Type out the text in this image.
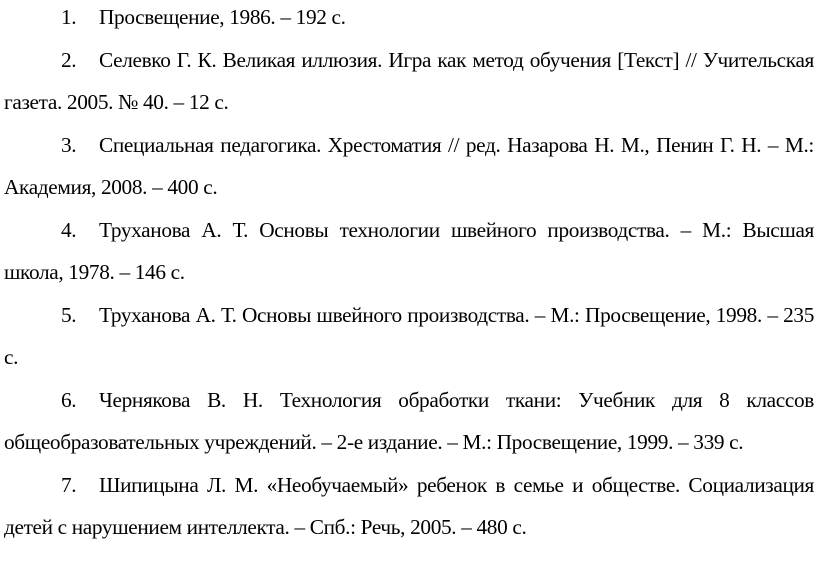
1. Просвещение, 1986. – 192 с.
2. Селевко Г. К. Великая иллюзия. Игра как метод обучения [Текст] // Учительская газета. 2005. № 40. – 12 с.
3. Специальная педагогика. Хрестоматия // ред. Назарова Н. М., Пенин Г. Н. – М.: Академия, 2008. – 400 с.
4. Труханова А. Т. Основы технологии швейного производства. – М.: Высшая школа, 1978. – 146 с.
5. Труханова А. Т. Основы швейного производства. – М.: Просвещение, 1998. – 235 с.
6. Чернякова В. Н. Технология обработки ткани: Учебник для 8 классов общеобразовательных учреждений. – 2-е издание. – М.: Просвещение, 1999. – 339 с.
7. Шипицына Л. М. «Необучаемый» ребенок в семье и обществе. Социализация детей с нарушением интеллекта. – Спб.: Речь, 2005. – 480 с.
